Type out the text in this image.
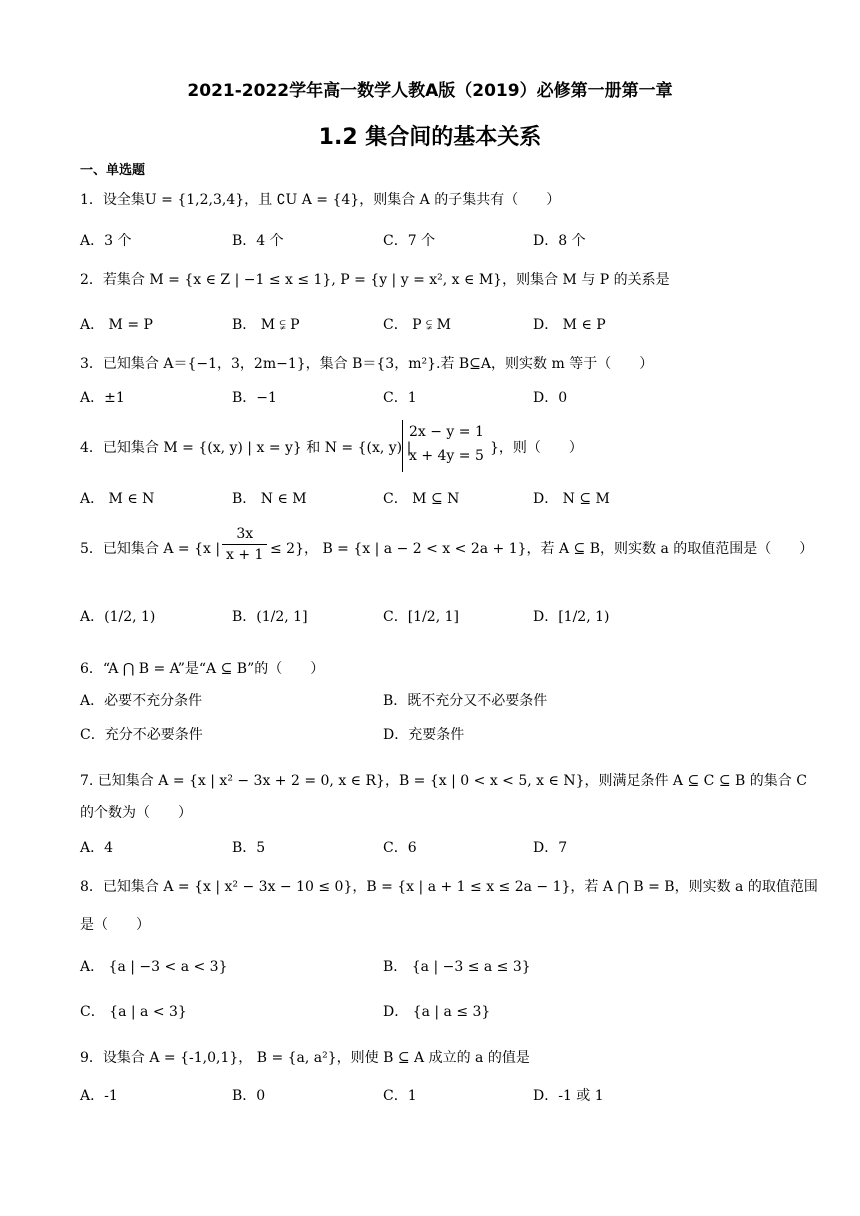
2021-2022学年高一数学人教A版（2019）必修第一册第一章
1.2 集合间的基本关系
一、单选题
1．设全集U = {1,2,3,4}，且 ∁U A = {4}，则集合 A 的子集共有（　　）
A．3 个	B．4 个	C．7 个	D．8 个
2．若集合 M = {x ∈ Z | −1 ≤ x ≤ 1}, P = {y | y = x², x ∈ M}，则集合 M 与 P 的关系是
A． M = P	B． M ⫋ P	C． P ⫋ M	D． M ∈ P
3．已知集合 A＝{−1，3，2m−1}，集合 B＝{3，m²}.若 B⊆A，则实数 m 等于（　　）
A．±1	B．−1	C．1	D．0
4．已知集合 M = {(x, y) | x = y} 和 N = {(x, y) |
2x − y = 1
x + 4y = 5 }，则（　　）
A． M ∈ N	B． N ∈ M	C． M ⊆ N	D． N ⊆ M
5．已知集合 A = {x | $\frac{3x}{x + 1} \le 2$}， B = {x | a − 2 < x < 2a + 1}，若 A ⊆ B，则实数 a 的取值范围是（　　）
A．(1/2, 1)	B．(1/2, 1]	C．[1/2, 1]	D．[1/2, 1)
6．“A ⋂ B = A”是“A ⊆ B”的（　　）
A．必要不充分条件	B．既不充分又不必要条件
C．充分不必要条件	D．充要条件
7. 已知集合 A = {x | x² − 3x + 2 = 0, x ∈ R}，B = {x | 0 < x < 5, x ∈ N}，则满足条件 A ⊆ C ⊆ B 的集合 C
的个数为（　　）
A．4	B．5	C．6	D．7
8．已知集合 A = {x | x² − 3x − 10 ≤ 0}，B = {x | a + 1 ≤ x ≤ 2a − 1}，若 A ⋂ B = B，则实数 a 的取值范围
是（　　）
A． {a | −3 < a < 3}	B． {a | −3 ≤ a ≤ 3}
C． {a | a < 3}	D． {a | a ≤ 3}
9．设集合 A = {-1,0,1}， B = {a, a²}，则使 B ⊆ A 成立的 a 的值是
A．-1	B．0	C．1	D．-1 或 1
